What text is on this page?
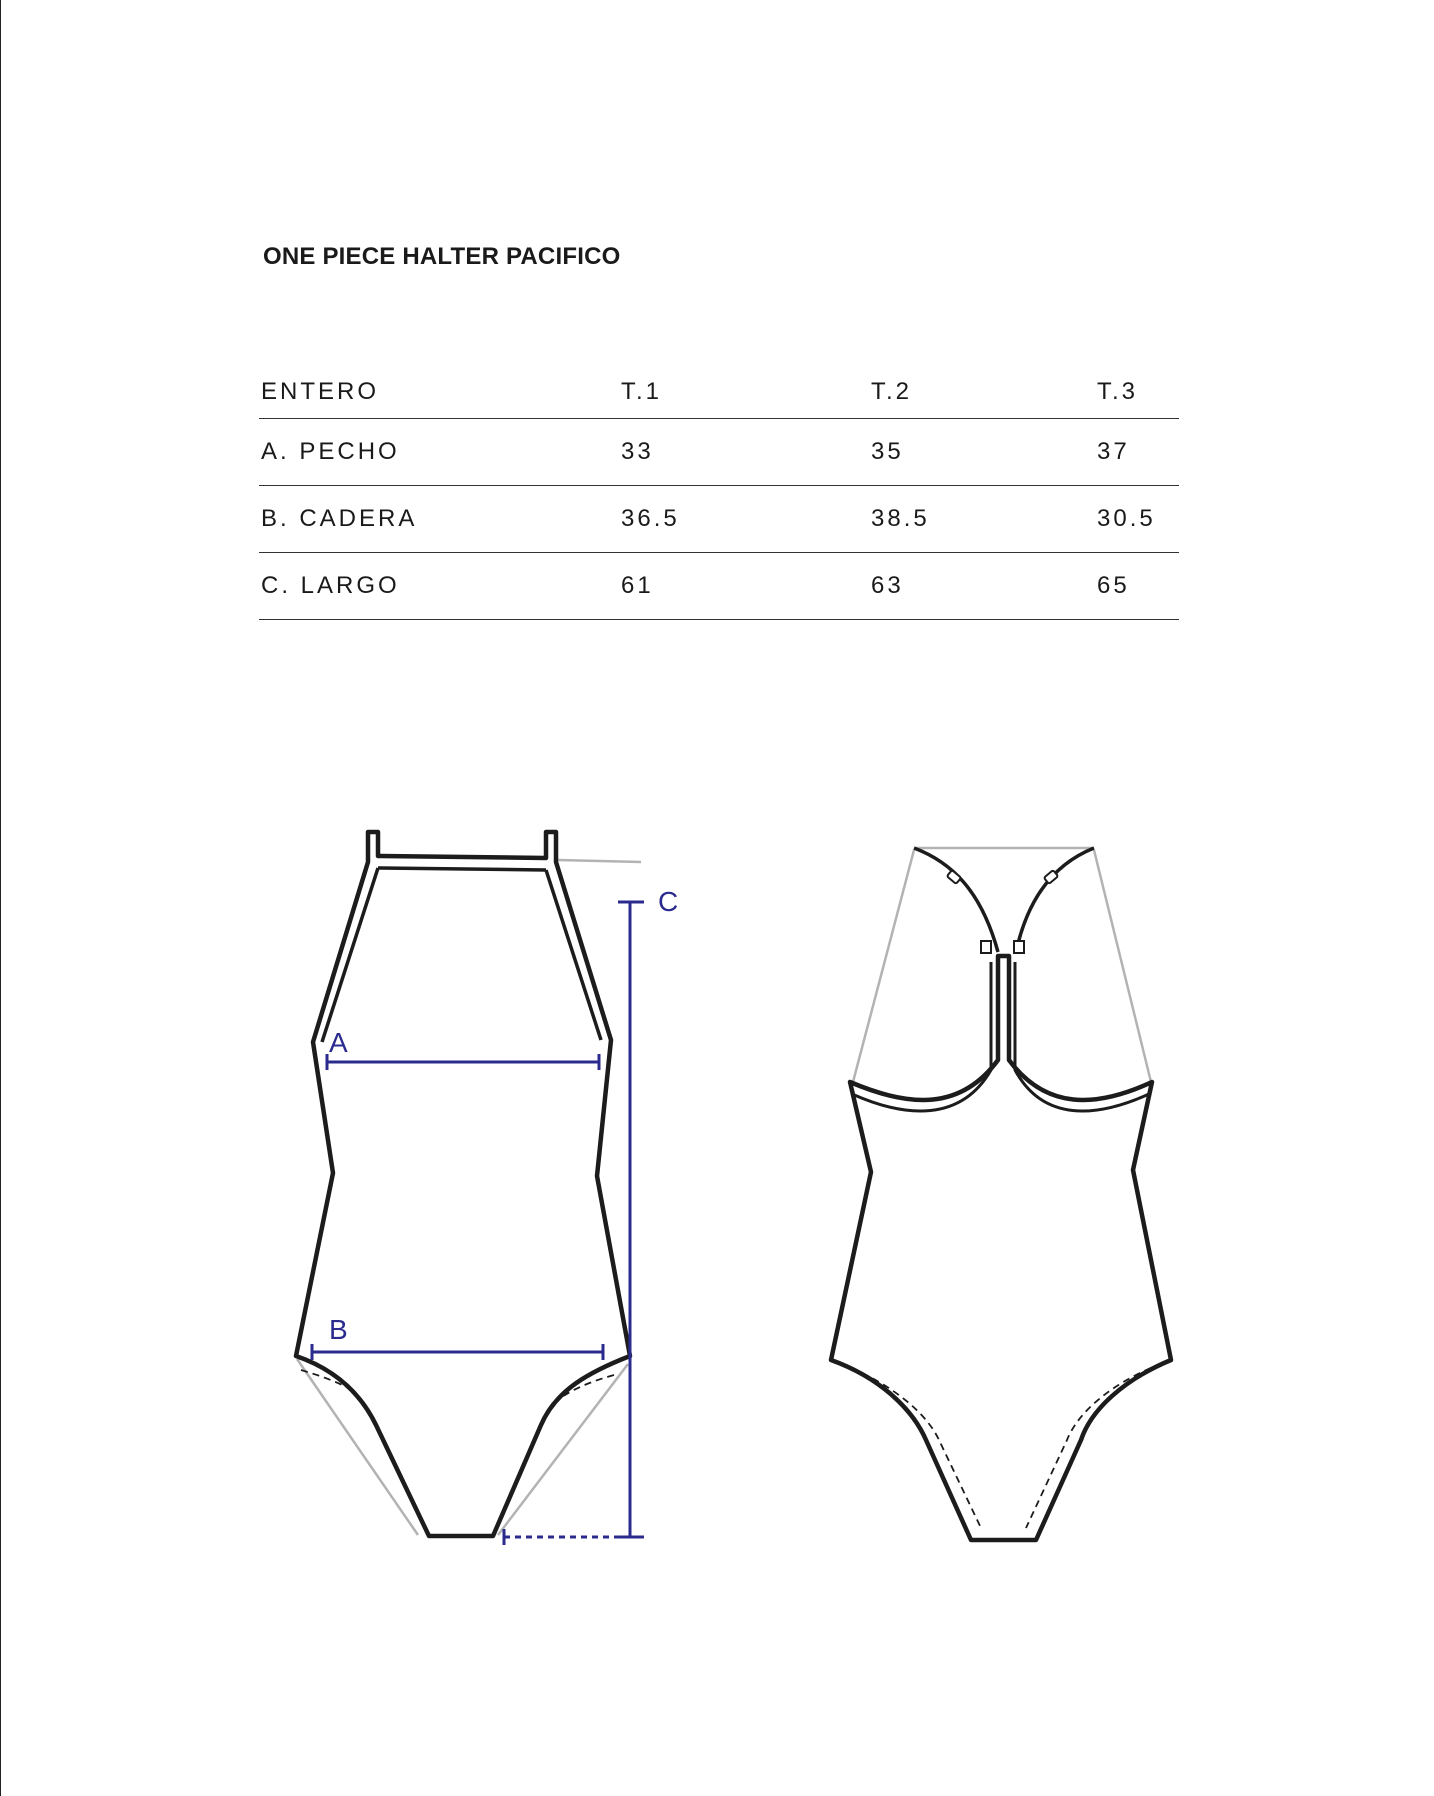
ONE PIECE HALTER PACIFICO
ENTERO	T.1	T.2	T.3
A. PECHO	33	35	37
B. CADERA	36.5	38.5	30.5
C. LARGO	61	63	65
A
B
C
